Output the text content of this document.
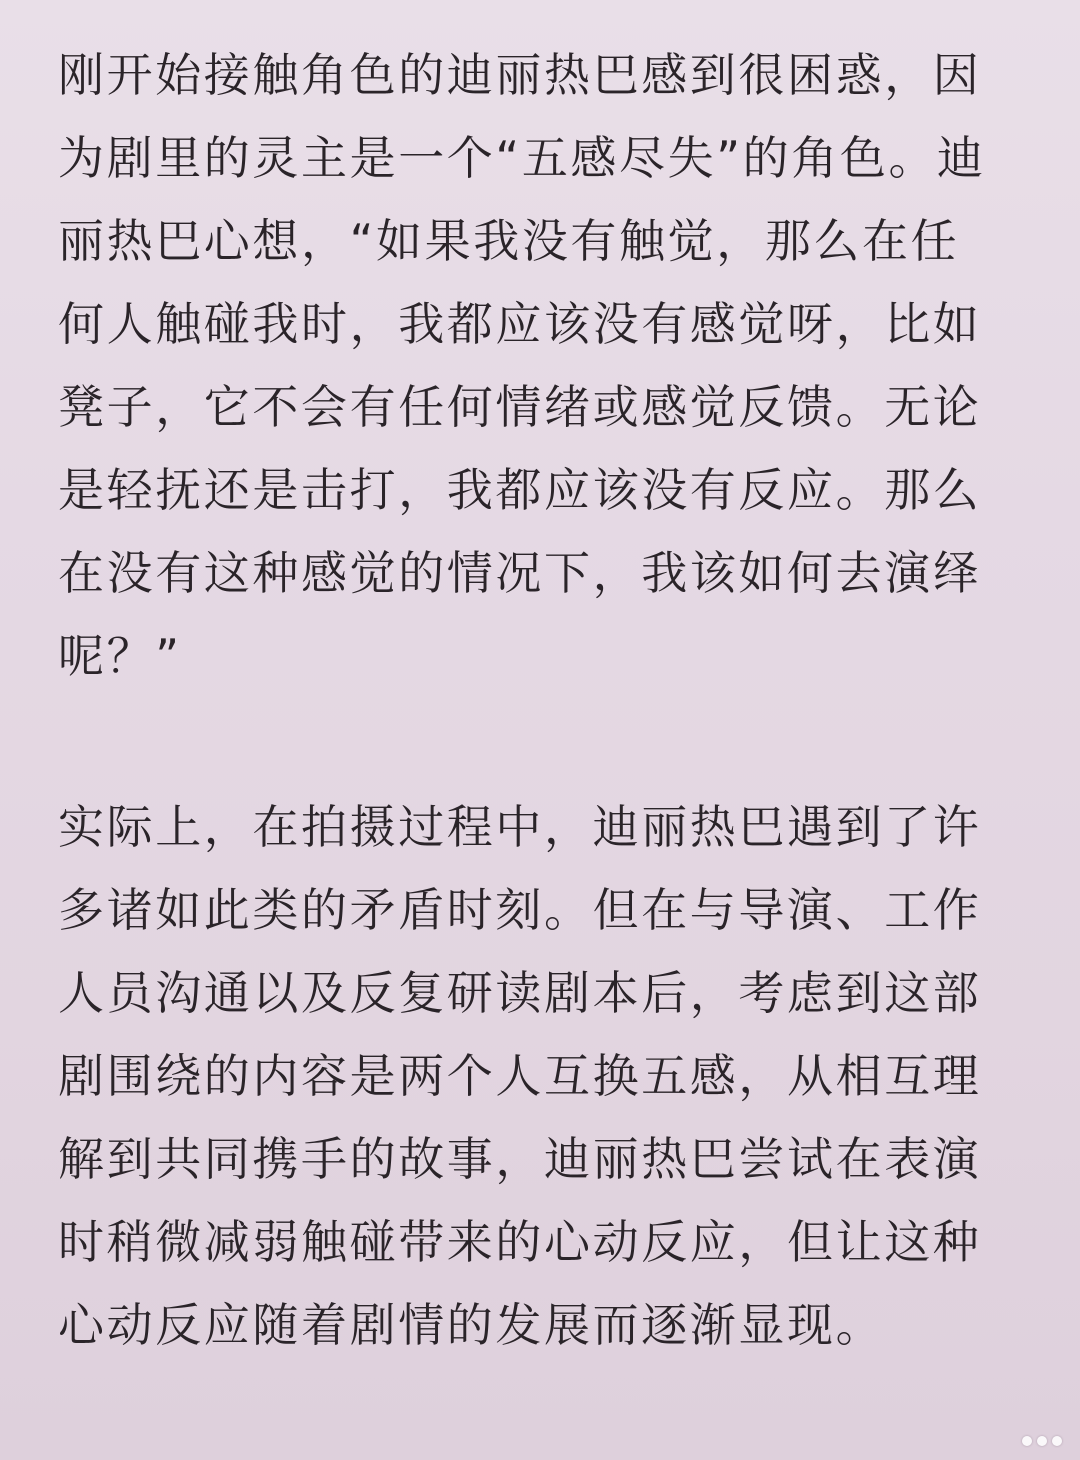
刚开始接触角色的迪丽热巴感到很困惑，因
为剧里的灵主是一个“五感尽失”的角色。迪
丽热巴心想，“如果我没有触觉，那么在任
何人触碰我时，我都应该没有感觉呀，比如
凳子，它不会有任何情绪或感觉反馈。无论
是轻抚还是击打，我都应该没有反应。那么
在没有这种感觉的情况下，我该如何去演绎
呢？”

实际上，在拍摄过程中，迪丽热巴遇到了许
多诸如此类的矛盾时刻。但在与导演、工作
人员沟通以及反复研读剧本后，考虑到这部
剧围绕的内容是两个人互换五感，从相互理
解到共同携手的故事，迪丽热巴尝试在表演
时稍微减弱触碰带来的心动反应，但让这种
心动反应随着剧情的发展而逐渐显现。
